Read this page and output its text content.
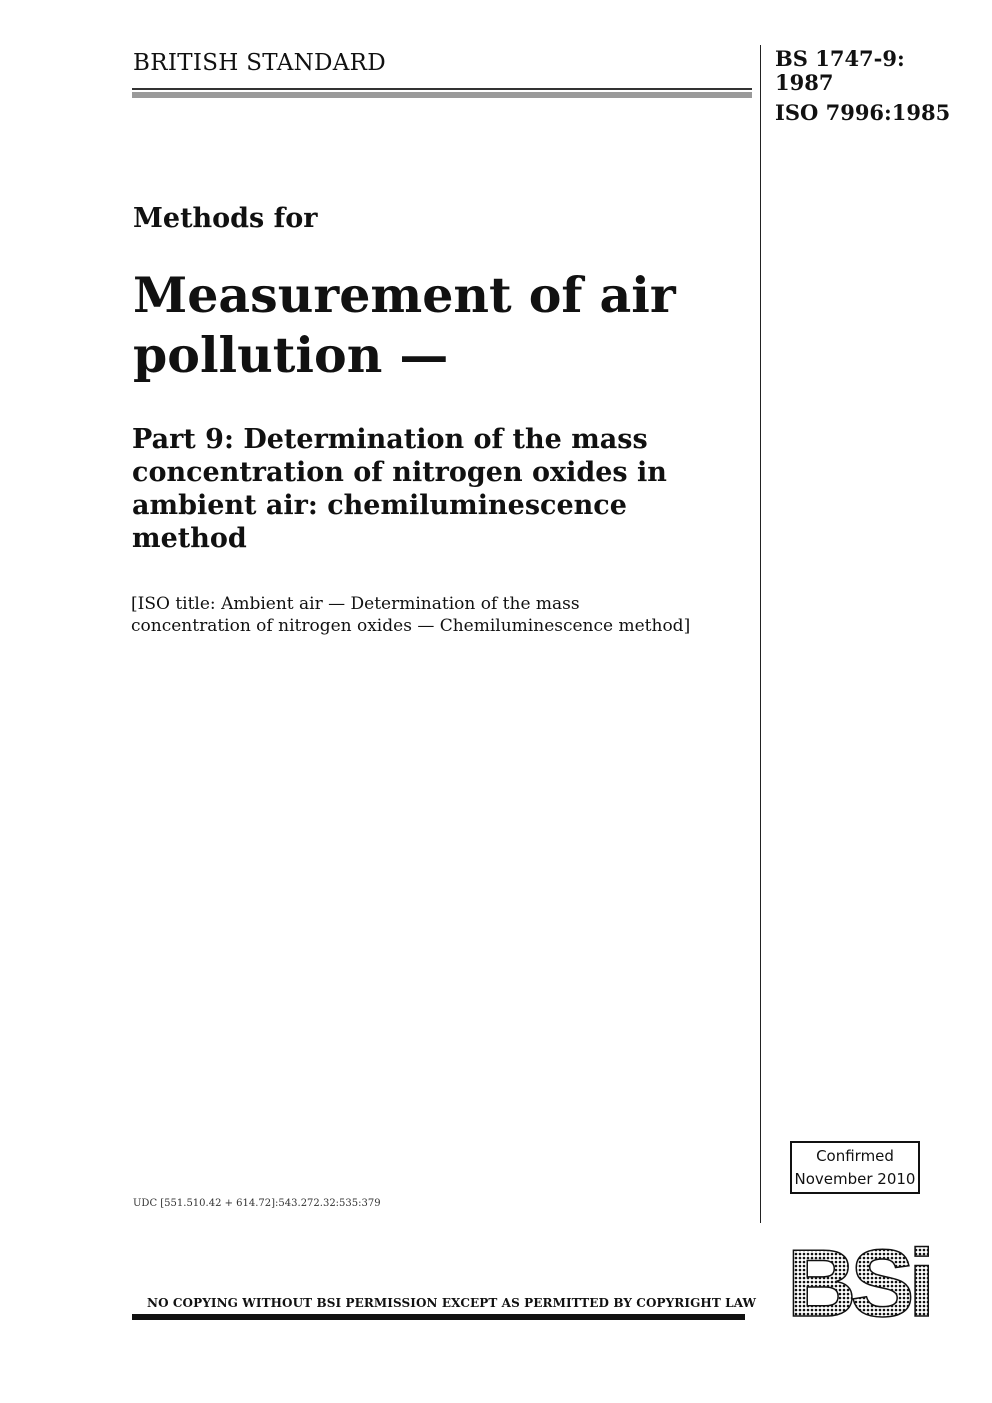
BRITISH STANDARD	BS 1747-9:
1987
ISO 7996:1985
Methods for
Measurement of air
pollution —
Part 9: Determination of the mass
concentration of nitrogen oxides in
ambient air: chemiluminescence
method

[ISO title: Ambient air — Determination of the mass
concentration of nitrogen oxides — Chemiluminescence method]

Confirmed
November 2010
UDC [551.510.42 + 614.72]:543.272.32:535:379
BSi
NO COPYING WITHOUT BSI PERMISSION EXCEPT AS PERMITTED BY COPYRIGHT LAW
